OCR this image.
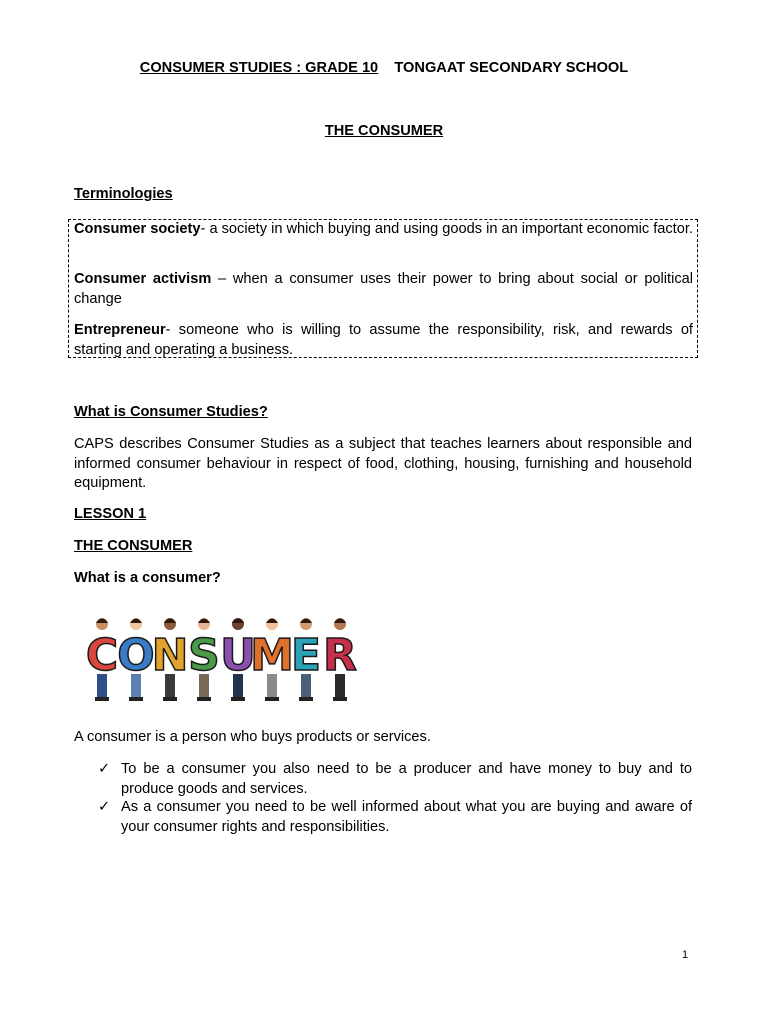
CONSUMER STUDIES : GRADE 10 TONGAAT SECONDARY SCHOOL
THE CONSUMER
Terminologies
Consumer society- a society in which buying and using goods in an important economic factor.
Consumer activism – when a consumer uses their power to bring about social or political change
Entrepreneur- someone who is willing to assume the responsibility, risk, and rewards of starting and operating a business.
What is Consumer Studies?
CAPS describes Consumer Studies as a subject that teaches learners about responsible and informed consumer behaviour in respect of food, clothing, housing, furnishing and household equipment.
LESSON 1
THE CONSUMER
What is a consumer?
C O
N S U
M
E R
A consumer is a person who buys products or services.
✓ To be a consumer you also need to be a producer and have money to buy and to produce goods and services.
✓ As a consumer you need to be well informed about what you are buying and aware of your consumer rights and responsibilities.
1
